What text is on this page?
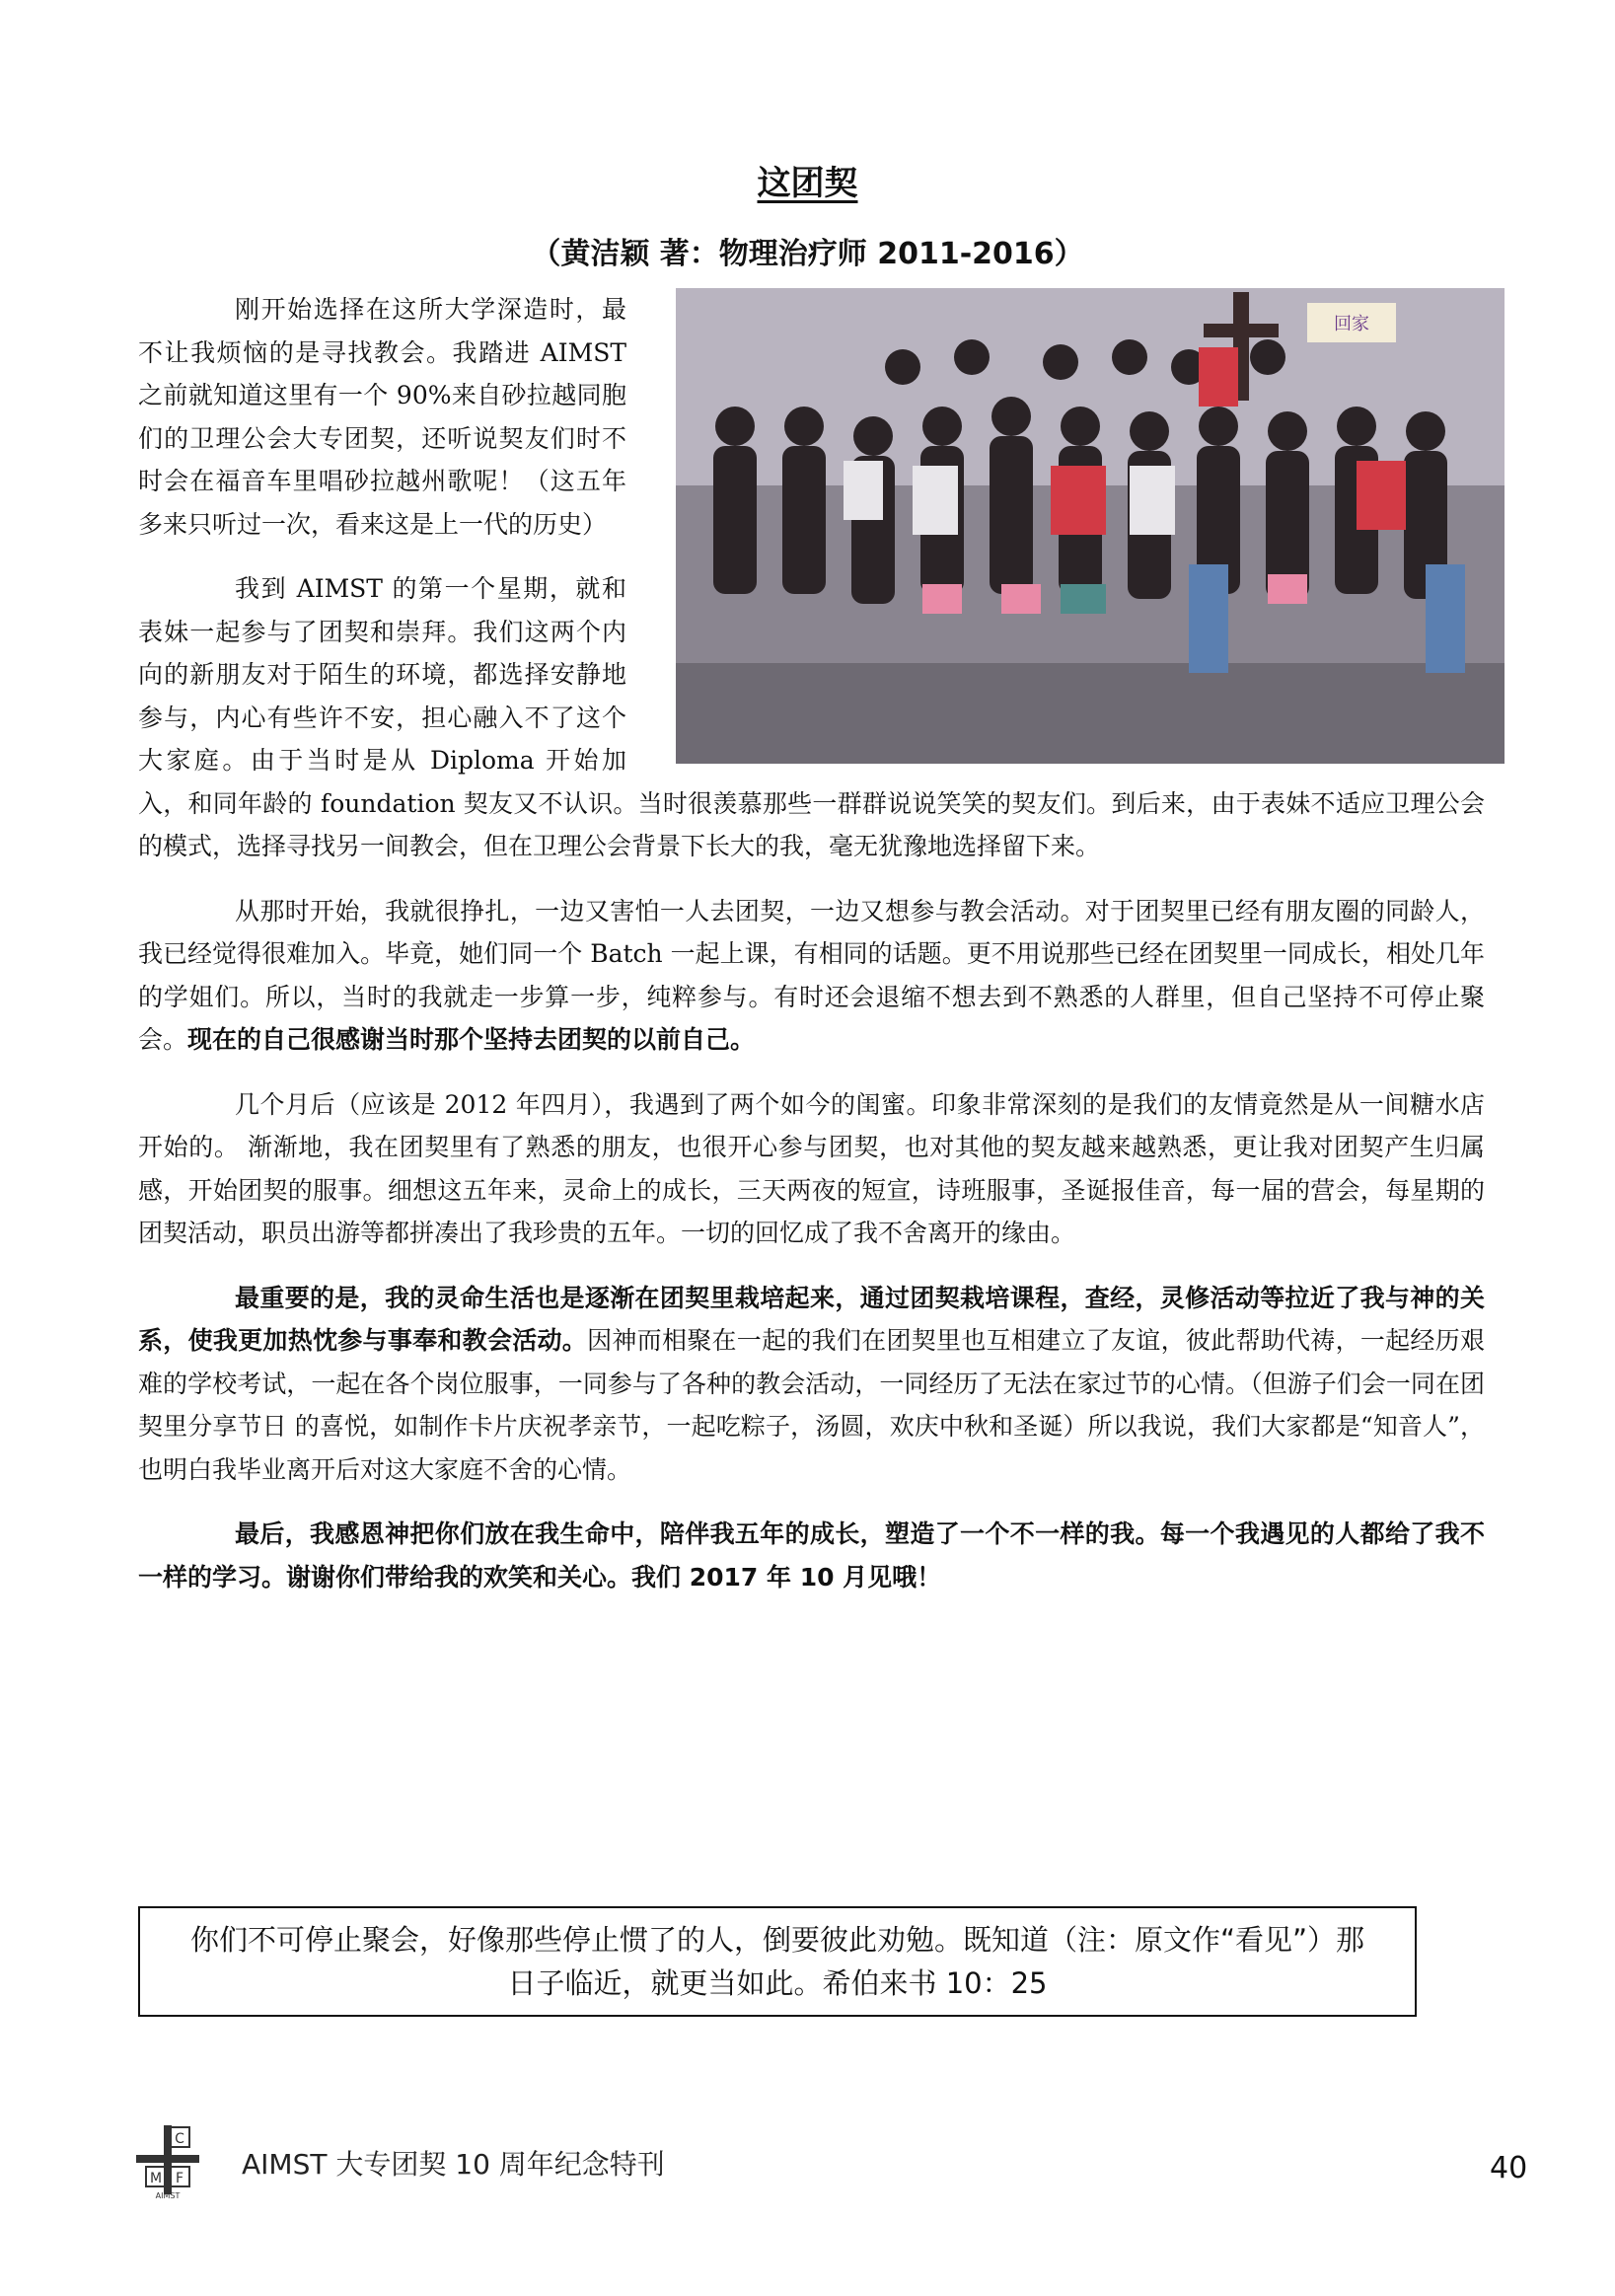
这团契
（黄洁颖 著：物理治疗师 2011-2016）
回家

刚开始选择在这所大学深造时，最不让我烦恼的是寻找教会。我踏进 AIMST 之前就知道这里有一个 90%来自砂拉越同胞们的卫理公会大专团契，还听说契友们时不时会在福音车里唱砂拉越州歌呢！（这五年多来只听过一次，看来这是上一代的历史）

我到 AIMST 的第一个星期，就和表妹一起参与了团契和崇拜。我们这两个内向的新朋友对于陌生的环境，都选择安静地参与，内心有些许不安，担心融入不了这个大家庭。由于当时是从 Diploma 开始加入，和同年龄的 foundation 契友又不认识。当时很羡慕那些一群群说说笑笑的契友们。到后来，由于表妹不适应卫理公会的模式，选择寻找另一间教会，但在卫理公会背景下长大的我，毫无犹豫地选择留下来。

从那时开始，我就很挣扎，一边又害怕一人去团契，一边又想参与教会活动。对于团契里已经有朋友圈的同龄人，我已经觉得很难加入。毕竟，她们同一个 Batch 一起上课，有相同的话题。更不用说那些已经在团契里一同成长，相处几年的学姐们。所以，当时的我就走一步算一步，纯粹参与。有时还会退缩不想去到不熟悉的人群里，但自己坚持不可停止聚会。现在的自己很感谢当时那个坚持去团契的以前自己。

几个月后（应该是 2012 年四月），我遇到了两个如今的闺蜜。印象非常深刻的是我们的友情竟然是从一间糖水店开始的。 渐渐地，我在团契里有了熟悉的朋友，也很开心参与团契，也对其他的契友越来越熟悉，更让我对团契产生归属感，开始团契的服事。细想这五年来，灵命上的成长，三天两夜的短宣，诗班服事，圣诞报佳音，每一届的营会，每星期的团契活动，职员出游等都拼凑出了我珍贵的五年。一切的回忆成了我不舍离开的缘由。

最重要的是，我的灵命生活也是逐渐在团契里栽培起来，通过团契栽培课程，查经，灵修活动等拉近了我与神的关系，使我更加热忱参与事奉和教会活动。因神而相聚在一起的我们在团契里也互相建立了友谊，彼此帮助代祷，一起经历艰难的学校考试，一起在各个岗位服事，一同参与了各种的教会活动，一同经历了无法在家过节的心情。（但游子们会一同在团契里分享节日 的喜悦，如制作卡片庆祝孝亲节，一起吃粽子，汤圆，欢庆中秋和圣诞）所以我说，我们大家都是“知音人”，也明白我毕业离开后对这大家庭不舍的心情。

最后，我感恩神把你们放在我生命中，陪伴我五年的成长，塑造了一个不一样的我。每一个我遇见的人都给了我不一样的学习。谢谢你们带给我的欢笑和关心。我们 2017 年 10 月见哦！

你们不可停止聚会，好像那些停止惯了的人，倒要彼此劝勉。既知道（注：原文作“看见”）那日子临近，就更当如此。希伯来书 10：25
C
M F
AIMST
AIMST 大专团契 10 周年纪念特刊	40
